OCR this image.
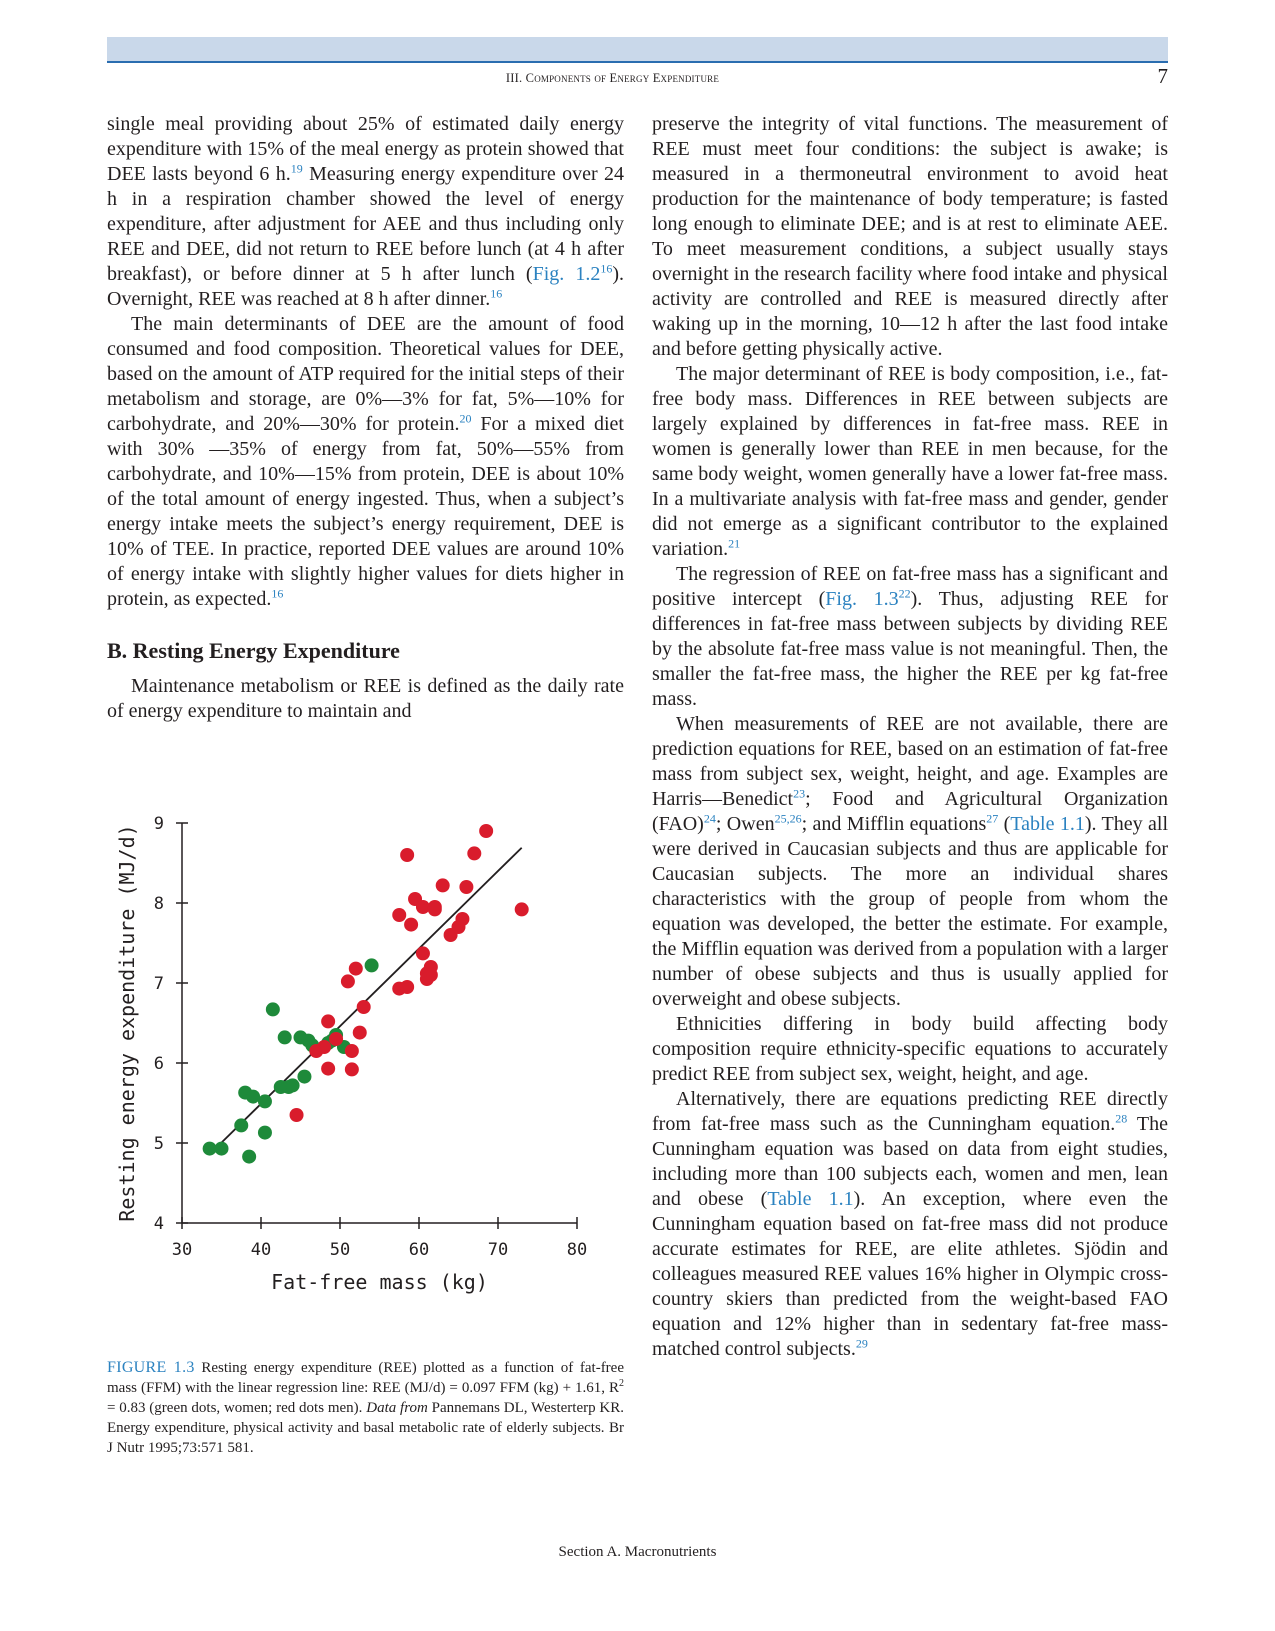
III. Components of Energy Expenditure	7

single meal providing about 25% of estimated daily energy expenditure with 15% of the meal energy as protein showed that DEE lasts beyond 6 h.$^{19}$ Measuring energy expenditure over 24 h in a respiration chamber showed the level of energy expenditure, after adjustment for AEE and thus including only REE and DEE, did not return to REE before lunch (at 4 h after breakfast), or before dinner at 5 h after lunch (Fig. $1.2^{16}$). Overnight, REE was reached at 8 h after dinner.$^{16}$

The main determinants of DEE are the amount of food consumed and food composition. Theoretical values for DEE, based on the amount of ATP required for the initial steps of their metabolism and storage, are 0%—3% for fat, 5%—10% for carbohydrate, and 20%—30% for protein.$^{20}$ For a mixed diet with 30% —35% of energy from fat, 50%—55% from carbohydrate, and 10%—15% from protein, DEE is about 10% of the total amount of energy ingested. Thus, when a subject’s energy intake meets the subject’s energy requirement, DEE is 10% of TEE. In practice, reported DEE values are around 10% of energy intake with slightly higher values for diets higher in protein, as expected.$^{16}$

B. Resting Energy Expenditure

Maintenance metabolism or REE is defined as the daily rate of energy expenditure to maintain and

30	40	50	60	70	80
4
5
6
7
8
9
Fat-free mass (kg)
Resting energy expenditure (MJ/d)
FIGURE 1.3 Resting energy expenditure (REE) plotted as a function of fat-free mass (FFM) with the linear regression line: REE (MJ/d) = 0.097 FFM (kg) + 1.61, $R^2 = 0.83$ (green dots, women; red dots men). Data from Pannemans DL, Westerterp KR. Energy expenditure, physical activity and basal metabolic rate of elderly subjects. Br J Nutr 1995;73:571 581.

preserve the integrity of vital functions. The measurement of REE must meet four conditions: the subject is awake; is measured in a thermoneutral environment to avoid heat production for the maintenance of body temperature; is fasted long enough to eliminate DEE; and is at rest to eliminate AEE. To meet measurement conditions, a subject usually stays overnight in the research facility where food intake and physical activity are controlled and REE is measured directly after waking up in the morning, 10—12 h after the last food intake and before getting physically active.

The major determinant of REE is body composition, i.e., fat-free body mass. Differences in REE between subjects are largely explained by differences in fat-free mass. REE in women is generally lower than REE in men because, for the same body weight, women generally have a lower fat-free mass. In a multivariate analysis with fat-free mass and gender, gender did not emerge as a significant contributor to the explained variation.$^{21}$

The regression of REE on fat-free mass has a significant and positive intercept (Fig. $1.3^{22}$). Thus, adjusting REE for differences in fat-free mass between subjects by dividing REE by the absolute fat-free mass value is not meaningful. Then, the smaller the fat-free mass, the higher the REE per kg fat-free mass.

When measurements of REE are not available, there are prediction equations for REE, based on an estimation of fat-free mass from subject sex, weight, height, and age. Examples are Harris—Benedict$^{23}$; Food and Agricultural Organization (FAO)$^{24}$; Owen$^{25,26}$; and Mifflin equations$^{27}$ (Table 1.1). They all were derived in Caucasian subjects and thus are applicable for Caucasian subjects. The more an individual shares characteristics with the group of people from whom the equation was developed, the better the estimate. For example, the Mifflin equation was derived from a population with a larger number of obese subjects and thus is usually applied for overweight and obese subjects.

Ethnicities differing in body build affecting body composition require ethnicity-specific equations to accurately predict REE from subject sex, weight, height, and age.

Alternatively, there are equations predicting REE directly from fat-free mass such as the Cunningham equation.$^{28}$ The Cunningham equation was based on data from eight studies, including more than 100 subjects each, women and men, lean and obese (Table 1.1). An exception, where even the Cunningham equation based on fat-free mass did not produce accurate estimates for REE, are elite athletes. Sjödin and colleagues measured REE values 16% higher in Olympic cross-country skiers than predicted from the weight-based FAO equation and 12% higher than in sedentary fat-free mass-matched control subjects.$^{29}$

Section A. Macronutrients
